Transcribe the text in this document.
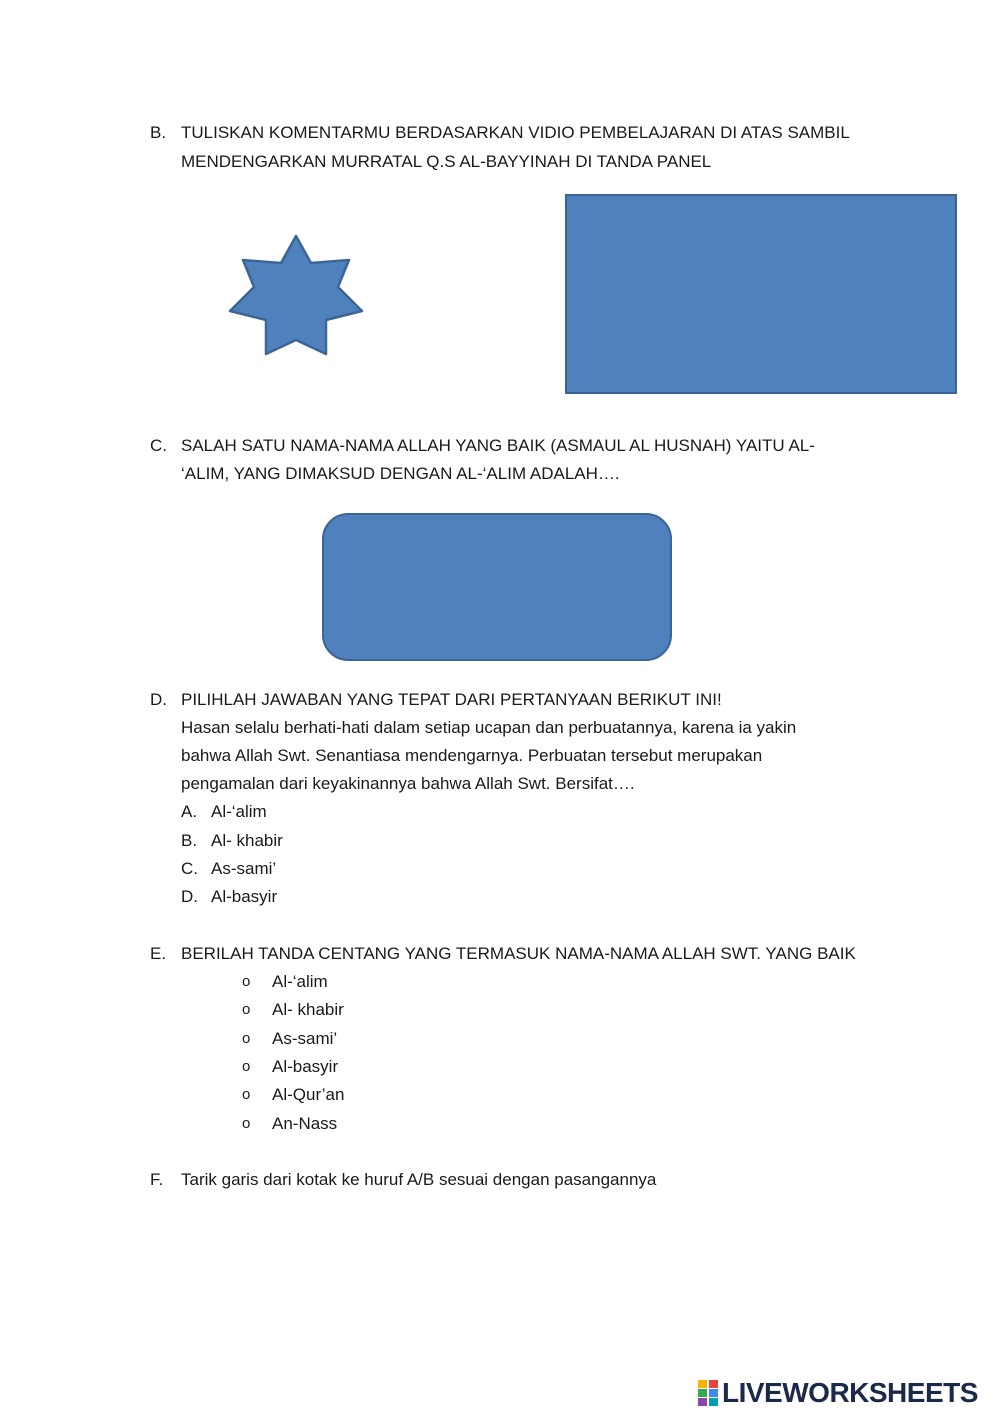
B. TULISKAN KOMENTARMU BERDASARKAN VIDIO PEMBELAJARAN DI ATAS SAMBIL
MENDENGARKAN MURRATAL Q.S AL-BAYYINAH DI TANDA PANEL
C. SALAH SATU NAMA-NAMA ALLAH YANG BAIK (ASMAUL AL HUSNAH) YAITU AL-
‘ALIM, YANG DIMAKSUD DENGAN AL-‘ALIM ADALAH….
D. PILIHLAH JAWABAN YANG TEPAT DARI PERTANYAAN BERIKUT INI!
Hasan selalu berhati-hati dalam setiap ucapan dan perbuatannya, karena ia yakin
bahwa Allah Swt. Senantiasa mendengarnya. Perbuatan tersebut merupakan
pengamalan dari keyakinannya bahwa Allah Swt. Bersifat….
A. Al-‘alim
B. Al- khabir
C. As-sami’
D. Al-basyir
E. BERILAH TANDA CENTANG YANG TERMASUK NAMA-NAMA ALLAH SWT. YANG BAIK
o Al-‘alim
o Al- khabir
o As-sami’
o Al-basyir
o Al-Qur’an
o An-Nass
F. Tarik garis dari kotak ke huruf A/B sesuai dengan pasangannya
LIVEWORKSHEETS
